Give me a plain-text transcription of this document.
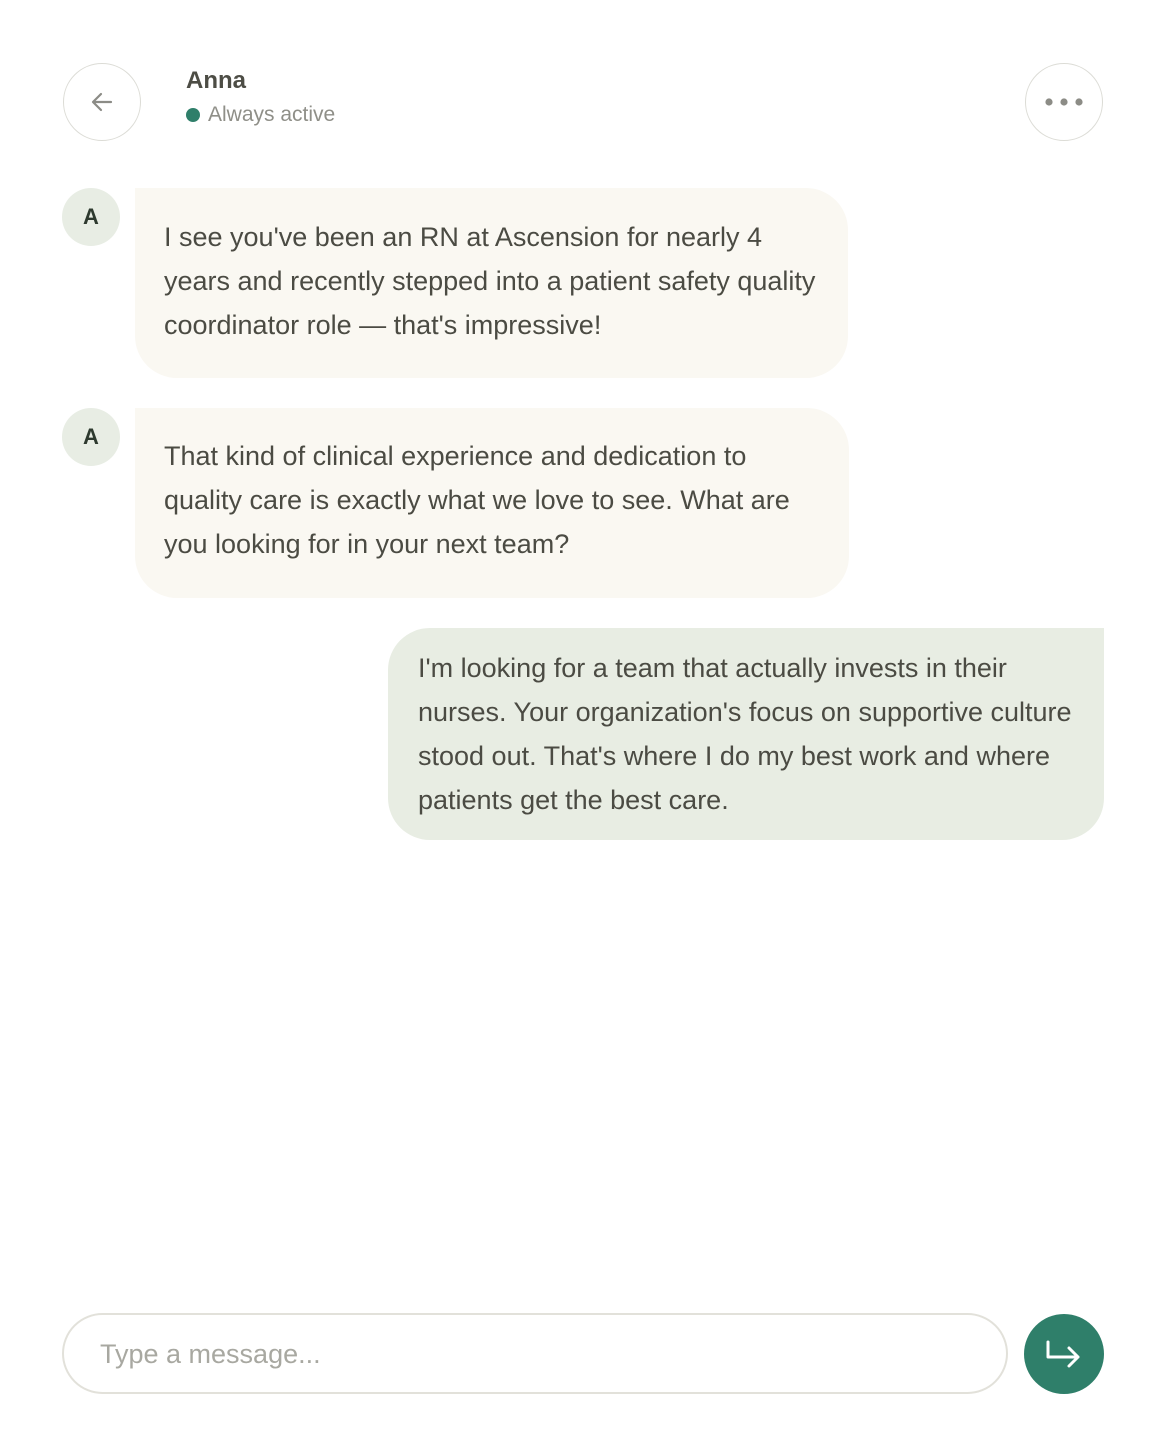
Anna
Always active
A
I see you've been an RN at Ascension for nearly 4 years and recently stepped into a patient safety quality coordinator role — that's impressive!
A
That kind of clinical experience and dedication to quality care is exactly what we love to see. What are you looking for in your next team?
I'm looking for a team that actually invests in their nurses. Your organization's focus on supportive culture stood out. That's where I do my best work and where patients get the best care.
Type a message...
